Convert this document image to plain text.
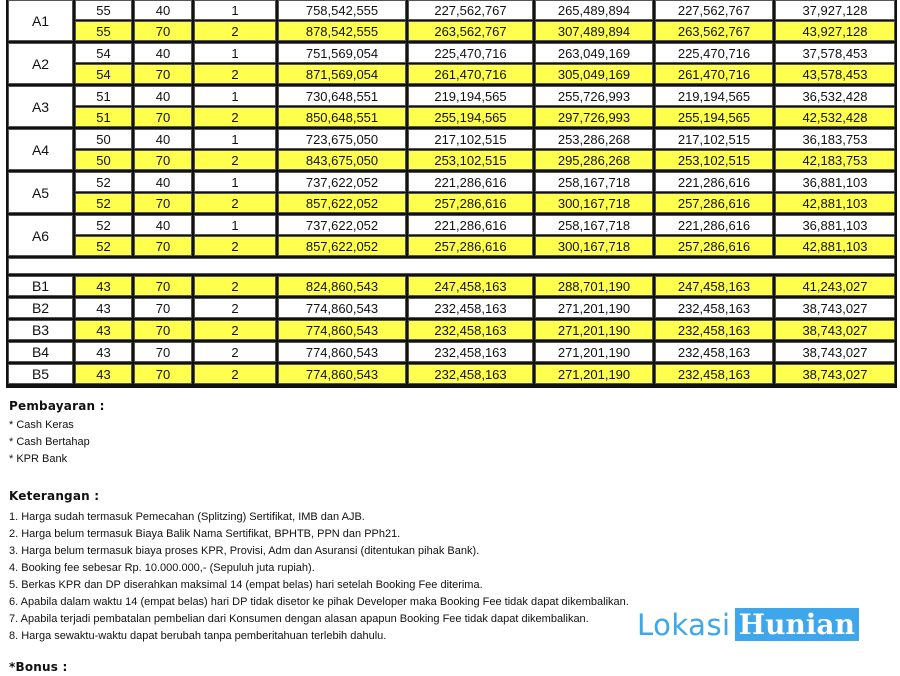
A1	55	40	1	758,542,555	227,562,767	265,489,894	227,562,767	37,927,128
	55	70	2	878,542,555	263,562,767	307,489,894	263,562,767	43,927,128
A2	54	40	1	751,569,054	225,470,716	263,049,169	225,470,716	37,578,453
	54	70	2	871,569,054	261,470,716	305,049,169	261,470,716	43,578,453
A3	51	40	1	730,648,551	219,194,565	255,726,993	219,194,565	36,532,428
	51	70	2	850,648,551	255,194,565	297,726,993	255,194,565	42,532,428
A4	50	40	1	723,675,050	217,102,515	253,286,268	217,102,515	36,183,753
	50	70	2	843,675,050	253,102,515	295,286,268	253,102,515	42,183,753
A5	52	40	1	737,622,052	221,286,616	258,167,718	221,286,616	36,881,103
	52	70	2	857,622,052	257,286,616	300,167,718	257,286,616	42,881,103
A6	52	40	1	737,622,052	221,286,616	258,167,718	221,286,616	36,881,103
	52	70	2	857,622,052	257,286,616	300,167,718	257,286,616	42,881,103

B1	43	70	2	824,860,543	247,458,163	288,701,190	247,458,163	41,243,027
B2	43	70	2	774,860,543	232,458,163	271,201,190	232,458,163	38,743,027
B3	43	70	2	774,860,543	232,458,163	271,201,190	232,458,163	38,743,027
B4	43	70	2	774,860,543	232,458,163	271,201,190	232,458,163	38,743,027
B5	43	70	2	774,860,543	232,458,163	271,201,190	232,458,163	38,743,027
Pembayaran :
* Cash Keras
* Cash Bertahap
* KPR Bank
Keterangan :
1. Harga sudah termasuk Pemecahan (Splitzing) Sertifikat, IMB dan AJB.
2. Harga belum termasuk Biaya Balik Nama Sertifikat, BPHTB, PPN dan PPh21.
3. Harga belum termasuk biaya proses KPR, Provisi, Adm dan Asuransi (ditentukan pihak Bank).
4. Booking fee sebesar Rp. 10.000.000,- (Sepuluh juta rupiah).
5. Berkas KPR dan DP diserahkan maksimal 14 (empat belas) hari setelah Booking Fee diterima.
6. Apabila dalam waktu 14 (empat belas) hari DP tidak disetor ke pihak Developer maka Booking Fee tidak dapat dikembalikan.
7. Apabila terjadi pembatalan pembelian dari Konsumen dengan alasan apapun Booking Fee tidak dapat dikembalikan.
8. Harga sewaktu-waktu dapat berubah tanpa pemberitahuan terlebih dahulu.
*Bonus :
Lokasi Hunian
